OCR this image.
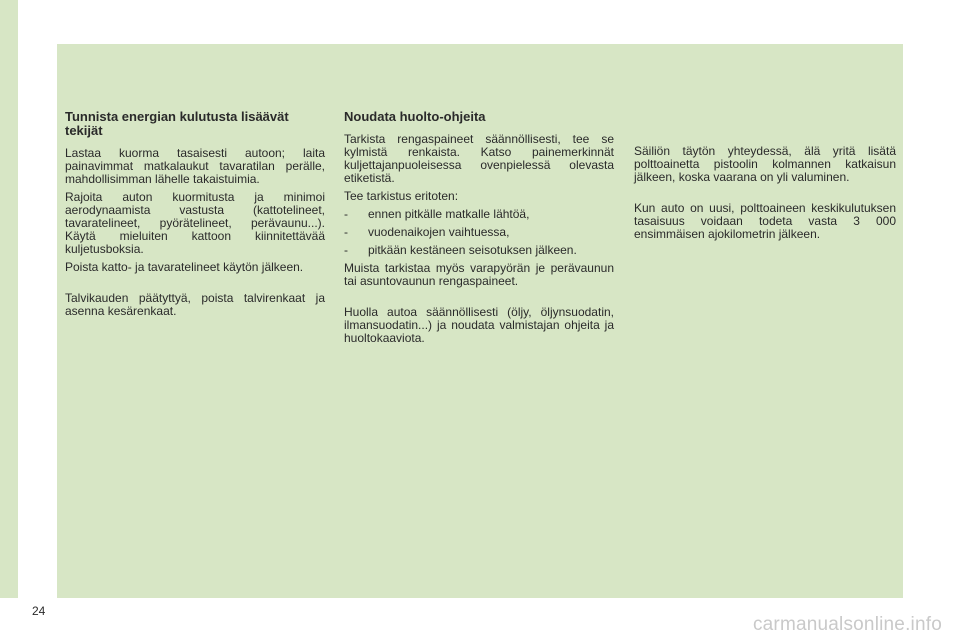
Tunnista energian kulutusta lisäävät tekijät

Lastaa kuorma tasaisesti autoon; laita painavimmat matkalaukut tavaratilan perälle, mahdollisimman lähelle takaistuimia.

Rajoita auton kuormitusta ja minimoi aerodynaamista vastusta (kattotelineet, tavaratelineet, pyörätelineet, perävaunu...). Käytä mieluiten kattoon kiinnitettävää kuljetusboksia.

Poista katto- ja tavaratelineet käytön jälkeen.

Talvikauden päätyttyä, poista talvirenkaat ja asenna kesärenkaat.

Noudata huolto-ohjeita

Tarkista rengaspaineet säännöllisesti, tee se kylmistä renkaista. Katso painemerkinnät kuljettajanpuoleisessa ovenpielessä olevasta etiketistä.

Tee tarkistus eritoten:

- ennen pitkälle matkalle lähtöä,
- vuodenaikojen vaihtuessa,
- pitkään kestäneen seisotuksen jälkeen.

Muista tarkistaa myös varapyörän je perävaunun tai asuntovaunun rengaspaineet.

Huolla autoa säännöllisesti (öljy, öljynsuodatin, ilmansuodatin...) ja noudata valmistajan ohjeita ja huoltokaaviota.

Säiliön täytön yhteydessä, älä yritä lisätä polttoainetta pistoolin kolmannen katkaisun jälkeen, koska vaarana on yli valuminen.

Kun auto on uusi, polttoaineen keskikulutuksen tasaisuus voidaan todeta vasta 3 000 ensimmäisen ajokilometrin jälkeen.

24
carmanualsonline.info
